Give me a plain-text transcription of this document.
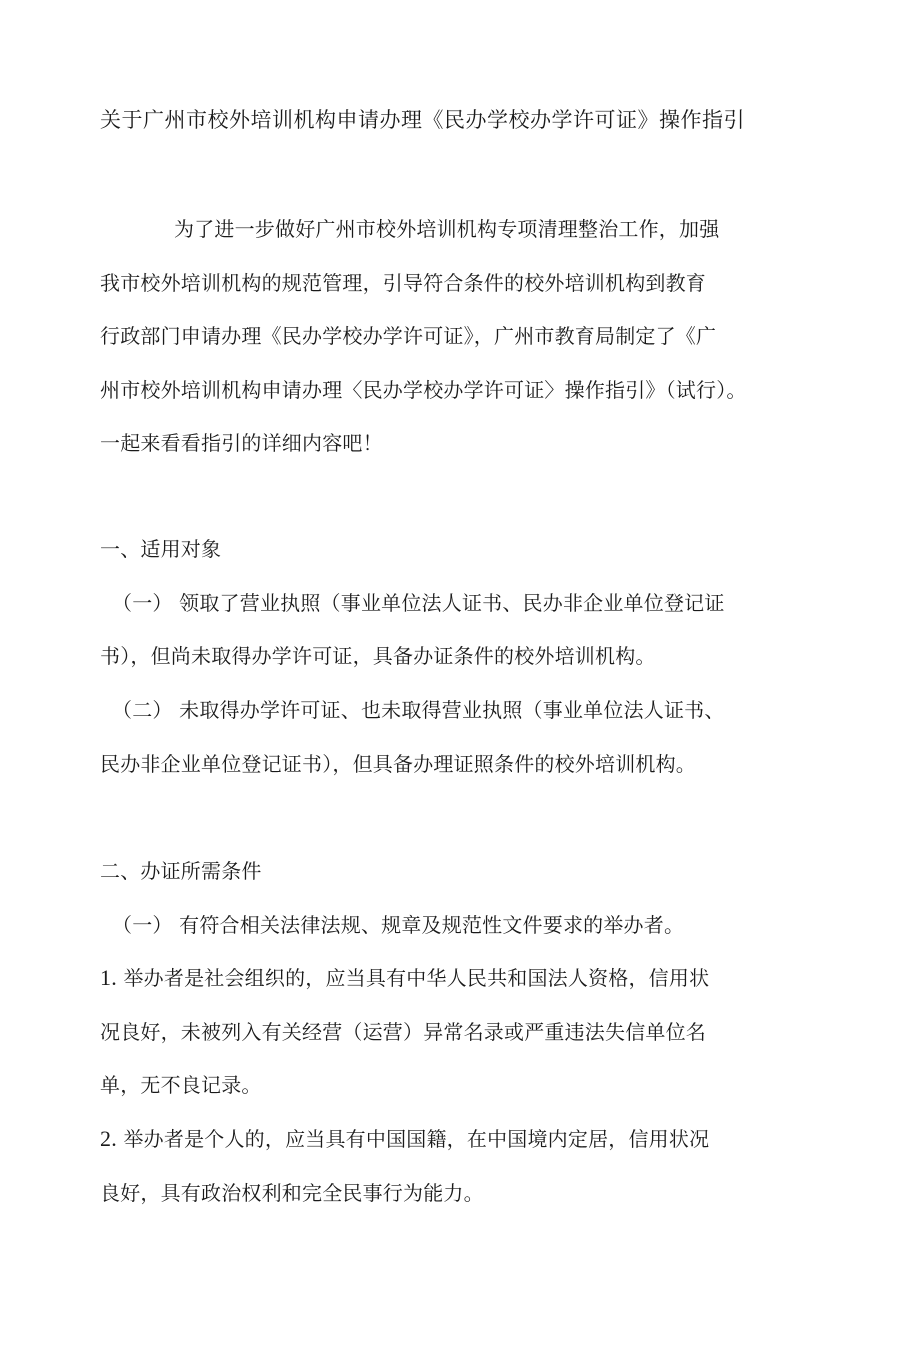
关于广州市校外培训机构申请办理《民办学校办学许可证》操作指引
为了进一步做好广州市校外培训机构专项清理整治工作，加强
我市校外培训机构的规范管理，引导符合条件的校外培训机构到教育
行政部门申请办理《民办学校办学许可证》，广州市教育局制定了《广
州市校外培训机构申请办理〈民办学校办学许可证〉操作指引》（试行）。
一起来看看指引的详细内容吧！
一、适用对象
（一） 领取了营业执照（事业单位法人证书、民办非企业单位登记证
书），但尚未取得办学许可证，具备办证条件的校外培训机构。
（二） 未取得办学许可证、也未取得营业执照（事业单位法人证书、
民办非企业单位登记证书），但具备办理证照条件的校外培训机构。
二、办证所需条件
（一） 有符合相关法律法规、规章及规范性文件要求的举办者。
1. 举办者是社会组织的，应当具有中华人民共和国法人资格，信用状
况良好，未被列入有关经营（运营）异常名录或严重违法失信单位名
单，无不良记录。
2. 举办者是个人的，应当具有中国国籍，在中国境内定居，信用状况
良好，具有政治权利和完全民事行为能力。
